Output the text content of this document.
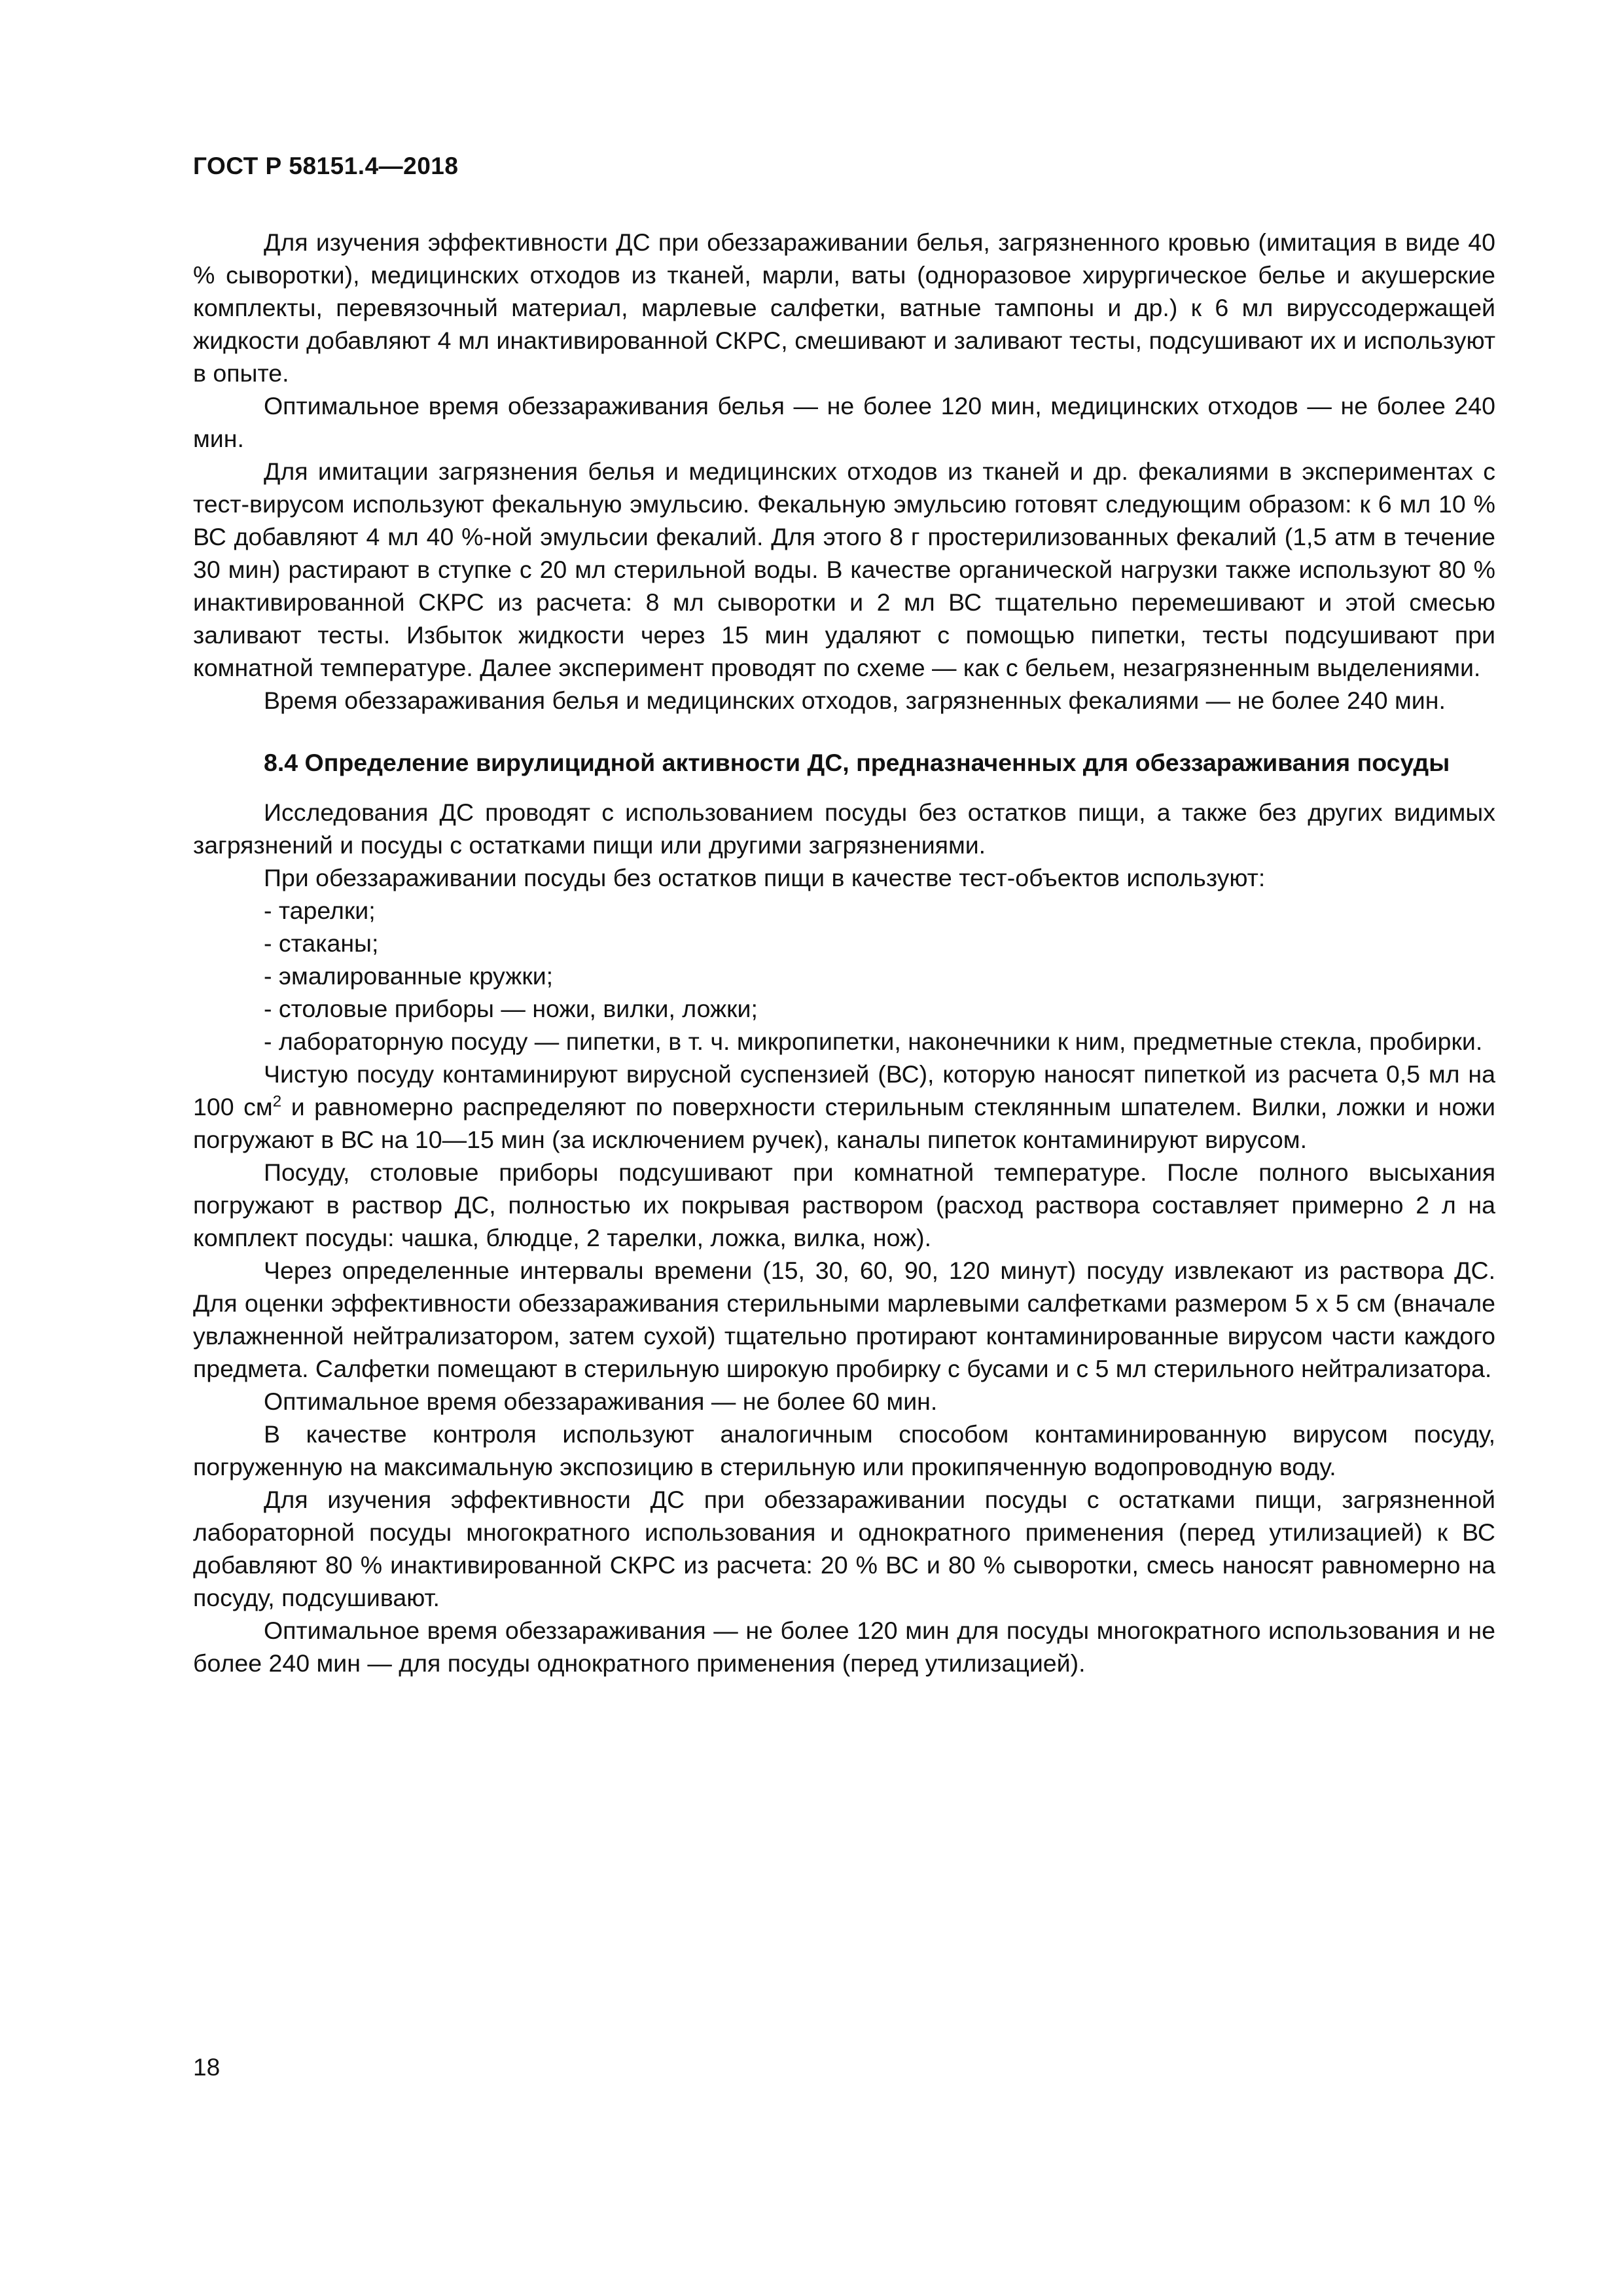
ГОСТ Р 58151.4—2018

Для изучения эффективности ДС при обеззараживании белья, загрязненного кровью (имитация в виде 40 % сыворотки), медицинских отходов из тканей, марли, ваты (одноразовое хирургическое белье и акушерские комплекты, перевязочный материал, марлевые салфетки, ватные тампоны и др.) к 6 мл вируссодержащей жидкости добавляют 4 мл инактивированной СКРС, смешивают и заливают тесты, подсушивают их и используют в опыте.

Оптимальное время обеззараживания белья — не более 120 мин, медицинских отходов — не более 240 мин.

Для имитации загрязнения белья и медицинских отходов из тканей и др. фекалиями в экспериментах с тест-вирусом используют фекальную эмульсию. Фекальную эмульсию готовят следующим образом: к 6 мл 10 % ВС добавляют 4 мл 40 %-ной эмульсии фекалий. Для этого 8 г простерилизованных фекалий (1,5 атм в течение 30 мин) растирают в ступке с 20 мл стерильной воды. В качестве органической нагрузки также используют 80 % инактивированной СКРС из расчета: 8 мл сыворотки и 2 мл ВС тщательно перемешивают и этой смесью заливают тесты. Избыток жидкости через 15 мин удаляют с помощью пипетки, тесты подсушивают при комнатной температуре. Далее эксперимент проводят по схеме — как с бельем, незагрязненным выделениями.

Время обеззараживания белья и медицинских отходов, загрязненных фекалиями — не более 240 мин.

8.4 Определение вирулицидной активности ДС, предназначенных для обеззараживания посуды

Исследования ДС проводят с использованием посуды без остатков пищи, а также без других видимых загрязнений и посуды с остатками пищи или другими загрязнениями.

При обеззараживании посуды без остатков пищи в качестве тест-объектов используют:

- тарелки;

- стаканы;

- эмалированные кружки;

- столовые приборы — ножи, вилки, ложки;

- лабораторную посуду — пипетки, в т. ч. микропипетки, наконечники к ним, предметные стекла, пробирки.

Чистую посуду контаминируют вирусной суспензией (ВС), которую наносят пипеткой из расчета 0,5 мл на 100 $см^2$ и равномерно распределяют по поверхности стерильным стеклянным шпателем. Вилки, ложки и ножи погружают в ВС на 10—15 мин (за исключением ручек), каналы пипеток контаминируют вирусом.

Посуду, столовые приборы подсушивают при комнатной температуре. После полного высыхания погружают в раствор ДС, полностью их покрывая раствором (расход раствора составляет примерно 2 л на комплект посуды: чашка, блюдце, 2 тарелки, ложка, вилка, нож).

Через определенные интервалы времени (15, 30, 60, 90, 120 минут) посуду извлекают из раствора ДС. Для оценки эффективности обеззараживания стерильными марлевыми салфетками размером 5 х 5 см (вначале увлажненной нейтрализатором, затем сухой) тщательно протирают контаминированные вирусом части каждого предмета. Салфетки помещают в стерильную широкую пробирку с бусами и с 5 мл стерильного нейтрализатора.

Оптимальное время обеззараживания — не более 60 мин.

В качестве контроля используют аналогичным способом контаминированную вирусом посуду, погруженную на максимальную экспозицию в стерильную или прокипяченную водопроводную воду.

Для изучения эффективности ДС при обеззараживании посуды с остатками пищи, загрязненной лабораторной посуды многократного использования и однократного применения (перед утилизацией) к ВС добавляют 80 % инактивированной СКРС из расчета: 20 % ВС и 80 % сыворотки, смесь наносят равномерно на посуду, подсушивают.

Оптимальное время обеззараживания — не более 120 мин для посуды многократного использования и не более 240 мин — для посуды однократного применения (перед утилизацией).

18
